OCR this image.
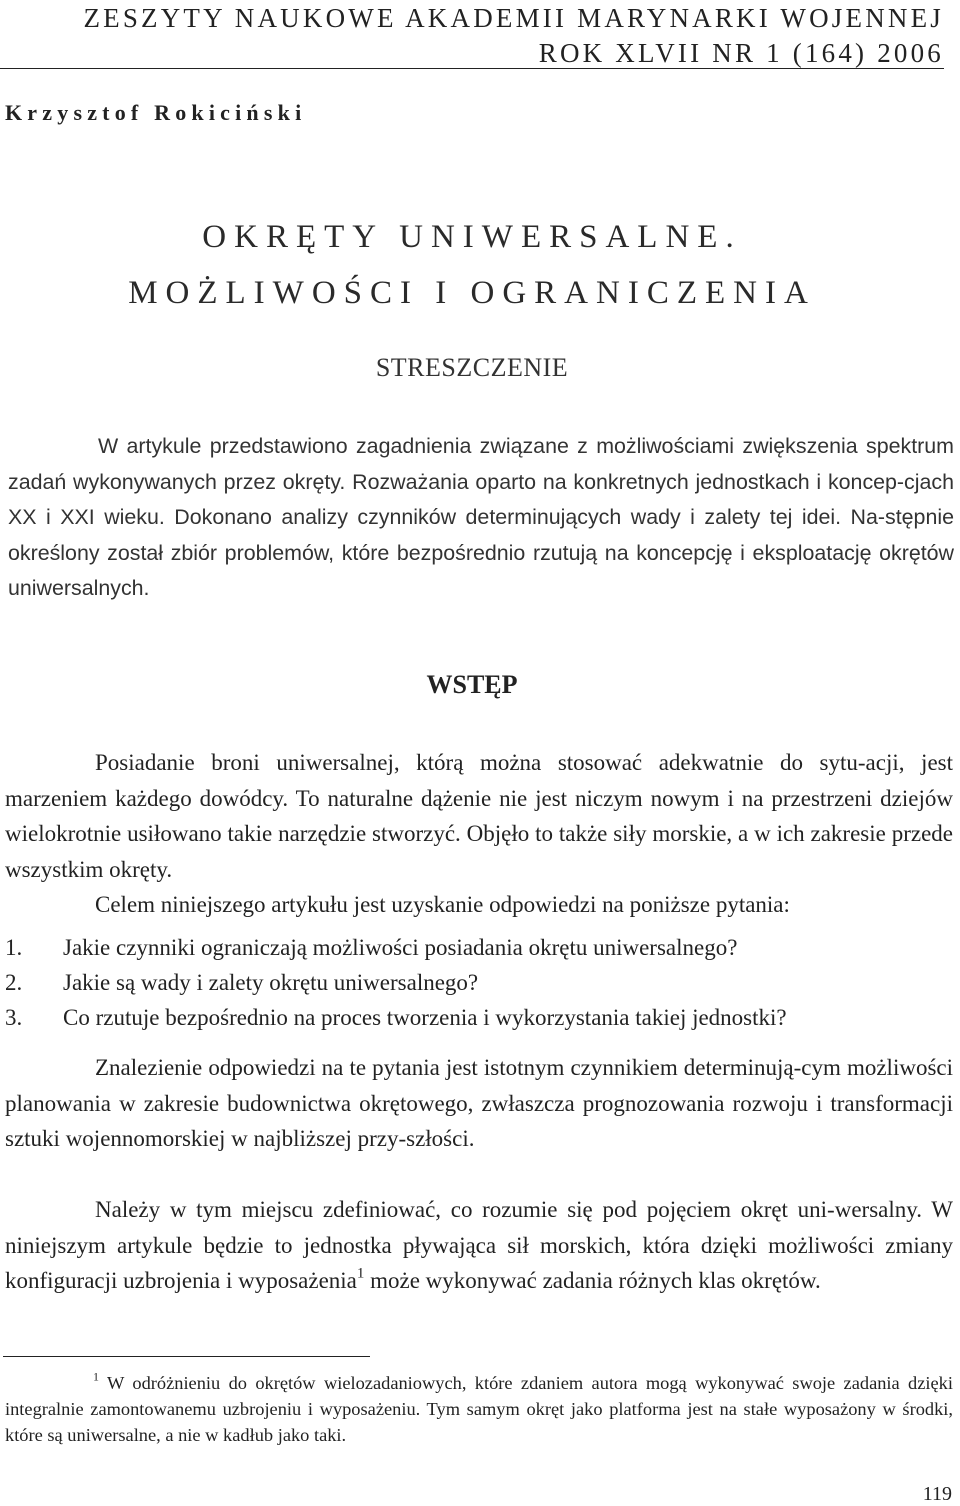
ZESZYTY NAUKOWE AKADEMII MARYNARKI WOJENNEJ
ROK XLVII NR 1 (164) 2006
Krzysztof Rokiciński
OKRĘTY UNIWERSALNE.
MOŻLIWOŚCI I OGRANICZENIA
STRESZCZENIE
W artykule przedstawiono zagadnienia związane z możliwościami zwiększenia spektrum zadań wykonywanych przez okręty. Rozważania oparto na konkretnych jednostkach i koncep-cjach XX i XXI wieku. Dokonano analizy czynników determinujących wady i zalety tej idei. Na-stępnie określony został zbiór problemów, które bezpośrednio rzutują na koncepcję i eksploatację okrętów uniwersalnych.
WSTĘP
Posiadanie broni uniwersalnej, którą można stosować adekwatnie do sytu-acji, jest marzeniem każdego dowódcy. To naturalne dążenie nie jest niczym nowym i na przestrzeni dziejów wielokrotnie usiłowano takie narzędzie stworzyć. Objęło to także siły morskie, a w ich zakresie przede wszystkim okręty.
Celem niniejszego artykułu jest uzyskanie odpowiedzi na poniższe pytania:
1.	Jakie czynniki ograniczają możliwości posiadania okrętu uniwersalnego?
2.	Jakie są wady i zalety okrętu uniwersalnego?
3.	Co rzutuje bezpośrednio na proces tworzenia i wykorzystania takiej jednostki?
Znalezienie odpowiedzi na te pytania jest istotnym czynnikiem determinują-cym możliwości planowania w zakresie budownictwa okrętowego, zwłaszcza prognozowania rozwoju i transformacji sztuki wojennomorskiej w najbliższej przy-szłości.
Należy w tym miejscu zdefiniować, co rozumie się pod pojęciem okręt uni-wersalny. W niniejszym artykule będzie to jednostka pływająca sił morskich, która dzięki możliwości zmiany konfiguracji uzbrojenia i wyposażenia$^1$ może wykonywać zadania różnych klas okrętów.
$^1$ W odróżnieniu do okrętów wielozadaniowych, które zdaniem autora mogą wykonywać swoje zadania dzięki integralnie zamontowanemu uzbrojeniu i wyposażeniu. Tym samym okręt jako platforma jest na stałe wyposażony w środki, które są uniwersalne, a nie w kadłub jako taki.
119
